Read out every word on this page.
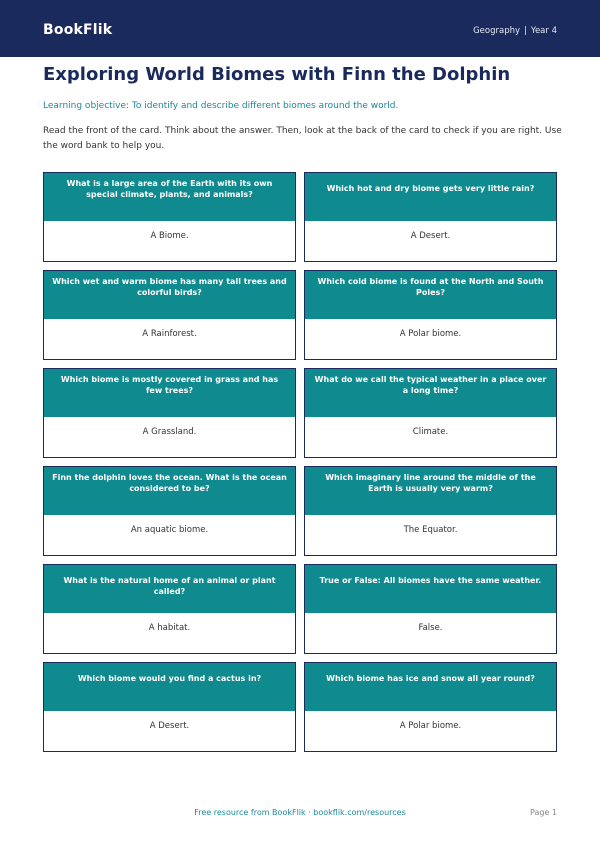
BookFlik	Geography | Year 4
Exploring World Biomes with Finn the Dolphin
Learning objective: To identify and describe different biomes around the world.
Read the front of the card. Think about the answer. Then, look at the back of the card to check if you are right. Use the word bank to help you.
What is a large area of the Earth with its own special climate, plants, and animals?
A Biome.
Which hot and dry biome gets very little rain?
A Desert.
Which wet and warm biome has many tall trees and colorful birds?
A Rainforest.
Which cold biome is found at the North and South Poles?
A Polar biome.
Which biome is mostly covered in grass and has few trees?
A Grassland.
What do we call the typical weather in a place over a long time?
Climate.
Finn the dolphin loves the ocean. What is the ocean considered to be?
An aquatic biome.
Which imaginary line around the middle of the Earth is usually very warm?
The Equator.
What is the natural home of an animal or plant called?
A habitat.
True or False: All biomes have the same weather.
False.
Which biome would you find a cactus in?
A Desert.
Which biome has ice and snow all year round?
A Polar biome.
Free resource from BookFlik · bookflik.com/resources	Page 1
